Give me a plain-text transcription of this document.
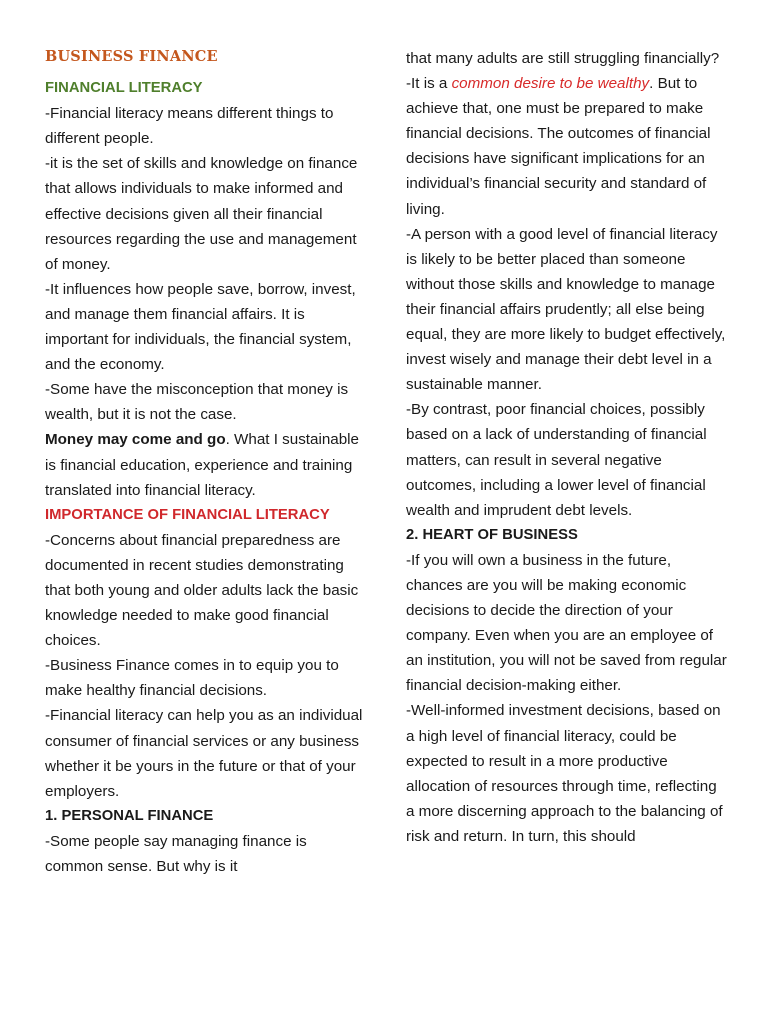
BUSINESS FINANCE

FINANCIAL LITERACY

-Financial literacy means different things to different people.

-it is the set of skills and knowledge on finance that allows individuals to make informed and effective decisions given all their financial resources regarding the use and management of money.

-It influences how people save, borrow, invest, and manage them financial affairs. It is important for individuals, the financial system, and the economy.

-Some have the misconception that money is wealth, but it is not the case.

Money may come and go. What I sustainable is financial education, experience and training translated into financial literacy.

IMPORTANCE OF FINANCIAL LITERACY

-Concerns about financial preparedness are documented in recent studies demonstrating that both young and older adults lack the basic knowledge needed to make good financial choices.

-Business Finance comes in to equip you to make healthy financial decisions.

-Financial literacy can help you as an individual consumer of financial services or any business whether it be yours in the future or that of your employers.

1. PERSONAL FINANCE

-Some people say managing finance is common sense. But why is it

that many adults are still struggling financially?

-It is a common desire to be wealthy. But to achieve that, one must be prepared to make financial decisions. The outcomes of financial decisions have significant implications for an individual’s financial security and standard of living.

-A person with a good level of financial literacy is likely to be better placed than someone without those skills and knowledge to manage their financial affairs prudently; all else being equal, they are more likely to budget effectively, invest wisely and manage their debt level in a sustainable manner.

-By contrast, poor financial choices, possibly based on a lack of understanding of financial matters, can result in several negative outcomes, including a lower level of financial wealth and imprudent debt levels.

2. HEART OF BUSINESS

-If you will own a business in the future, chances are you will be making economic decisions to decide the direction of your company. Even when you are an employee of an institution, you will not be saved from regular financial decision-making either.

-Well-informed investment decisions, based on a high level of financial literacy, could be expected to result in a more productive allocation of resources through time, reflecting a more discerning approach to the balancing of risk and return. In turn, this should
